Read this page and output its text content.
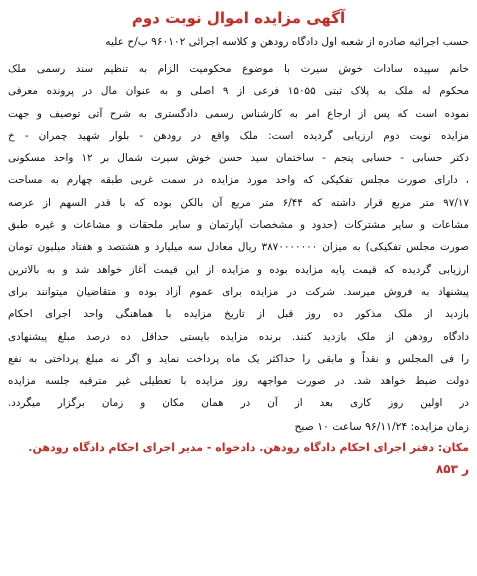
آگهی مزایده اموال نوبت دوم
حسب اجرائیه صادره از شعبه اول دادگاه رودهن و کلاسه اجرائی ۹۶۰۱۰۲ ب/ح علیه
خانم سپیده سادات خوش سیرت با موضوع محکومیت الزام به تنظیم سند رسمی ملک
محکوم له ملک به پلاک ثبتی ۱۵۰۵۵ فرعی از ۹ اصلی و به عنوان مال در پرونده معرفی
نموده است که پس از ارجاع امر به کارشناس رسمی دادگستری به شرح آتی توصیف و جهت
مزایده نوبت دوم ارزیابی گردیده است: ملک واقع در رودهن - بلوار شهید چمران - خ
دکتر حسابی - حسابی پنجم - ساختمان سید حسن خوش سیرت شمال بر ۱۲ واحد مسکونی
، دارای صورت مجلس تفکیکی که واحد مورد مزایده در سمت غربی طبقه چهارم به مساحت
۹۷/۱۷ متر مربع قرار داشته که ۶/۴۴ متر مربع آن بالکن بوده که با قدر السهم از عرصه
مشاعات و سایر مشترکات (حدود و مشخصات آپارتمان و سایر ملحقات و مشاعات و غیره طبق
صورت مجلس تفکیکی) به میزان ۳۸۷۰۰۰۰۰۰۰ ریال معادل سه میلیارد و هشتصد و هفتاد میلیون تومان
ارزیابی گردیده که قیمت پایه مزایده بوده و مزایده از این قیمت آغاز خواهد شد و به بالاترین
پیشنهاد به فروش میرسد. شرکت در مزایده برای عموم آزاد بوده و متقاضیان میتوانند برای
بازدید از ملک مذکور ده روز قبل از تاریخ مزایده با هماهنگی واحد اجرای احکام
دادگاه رودهن از ملک بازدید کنند. برنده مزایده بایستی حداقل ده درصد مبلغ پیشنهادی
را فی المجلس و نقداً و مابقی را حداکثر یک ماه پرداخت نماید و اگر نه مبلغ پرداختی به نفع
دولت ضبط خواهد شد. در صورت مواجهه روز مزایده با تعطیلی غیر مترقبه جلسه مزایده
در اولین روز کاری بعد از آن در همان مکان و زمان برگزار میگردد.
زمان مزایده: ۹۶/۱۱/۲۴ ساعت ۱۰ صبح
مکان: دفتر اجرای احکام دادگاه رودهن. دادخواه - مدیر اجرای احکام دادگاه رودهن.
ر ۸۵۳
